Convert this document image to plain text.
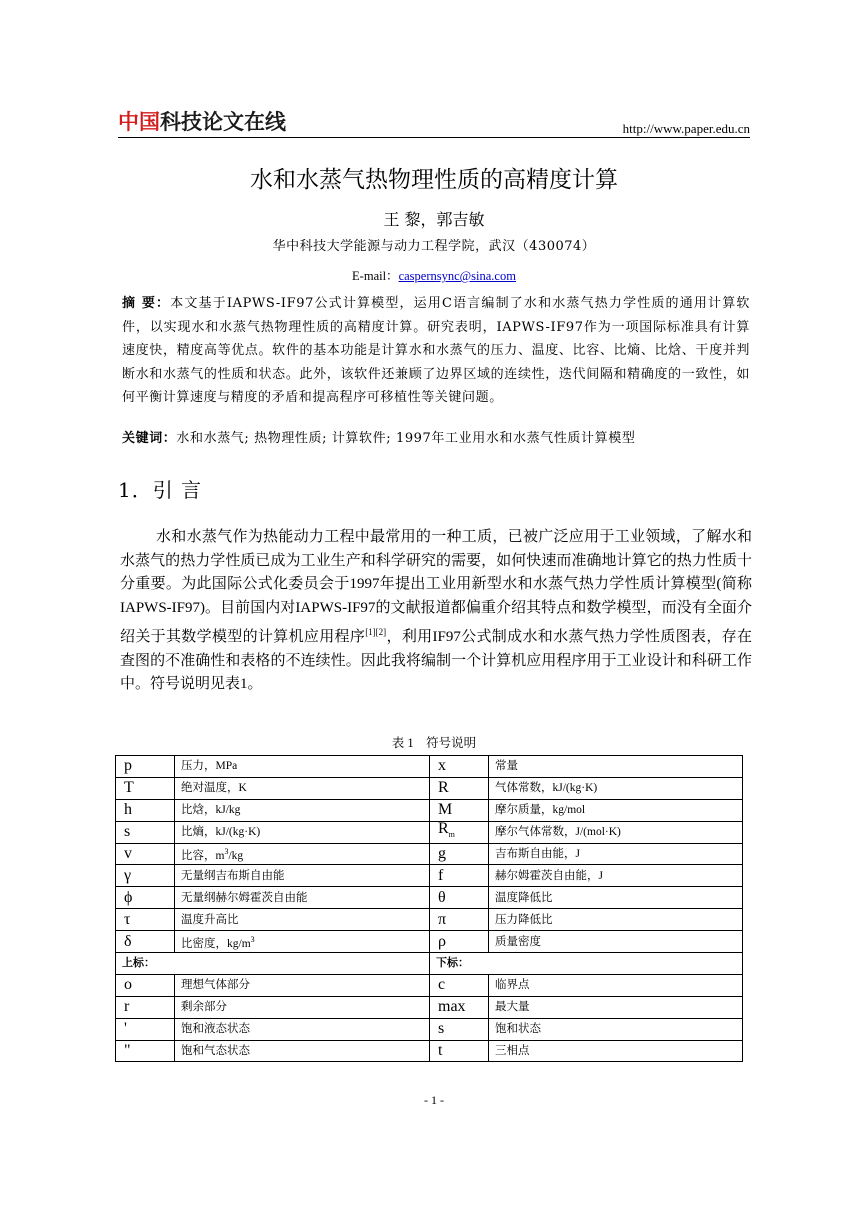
中国科技论文在线	http://www.paper.edu.cn
水和水蒸气热物理性质的高精度计算
王 黎，郭吉敏
华中科技大学能源与动力工程学院，武汉（430074）
E-mail：caspernsync@sina.com
摘 要：本文基于IAPWS-IF97公式计算模型，运用C语言编制了水和水蒸气热力学性质的通用计算软件，以实现水和水蒸气热物理性质的高精度计算。研究表明，IAPWS-IF97作为一项国际标准具有计算速度快，精度高等优点。软件的基本功能是计算水和水蒸气的压力、温度、比容、比熵、比焓、干度并判断水和水蒸气的性质和状态。此外，该软件还兼顾了边界区域的连续性，迭代间隔和精确度的一致性，如何平衡计算速度与精度的矛盾和提高程序可移植性等关键问题。
关键词：水和水蒸气; 热物理性质; 计算软件; 1997年工业用水和水蒸气性质计算模型
1．引 言
水和水蒸气作为热能动力工程中最常用的一种工质，已被广泛应用于工业领域，了解水和水蒸气的热力学性质已成为工业生产和科学研究的需要，如何快速而准确地计算它的热力性质十分重要。为此国际公式化委员会于1997年提出工业用新型水和水蒸气热力学性质计算模型(简称IAPWS-IF97)。目前国内对IAPWS-IF97的文献报道都偏重介绍其特点和数学模型，而没有全面介绍关于其数学模型的计算机应用程序[1][2]，利用IF97公式制成水和水蒸气热力学性质图表，存在查图的不准确性和表格的不连续性。因此我将编制一个计算机应用程序用于工业设计和科研工作中。符号说明见表1。
表 1　符号说明
p	压力，MPa	x	常量
T	绝对温度，K	R	气体常数，kJ/(kg·K)
h	比焓，kJ/kg	M	摩尔质量，kg/mol
s	比熵，kJ/(kg·K)	$R_m$	摩尔气体常数，J/(mol·K)
v	比容，$m^3/kg$	g	吉布斯自由能，J
γ	无量纲吉布斯自由能	f	赫尔姆霍茨自由能，J
ϕ	无量纲赫尔姆霍茨自由能	θ	温度降低比
τ	温度升高比	π	压力降低比
δ	比密度，$kg/m^3$	ρ	质量密度
上标：		下标：	
o	理想气体部分	c	临界点
r	剩余部分	max	最大量
'	饱和液态状态	s	饱和状态
"	饱和气态状态	t	三相点
- 1 -
